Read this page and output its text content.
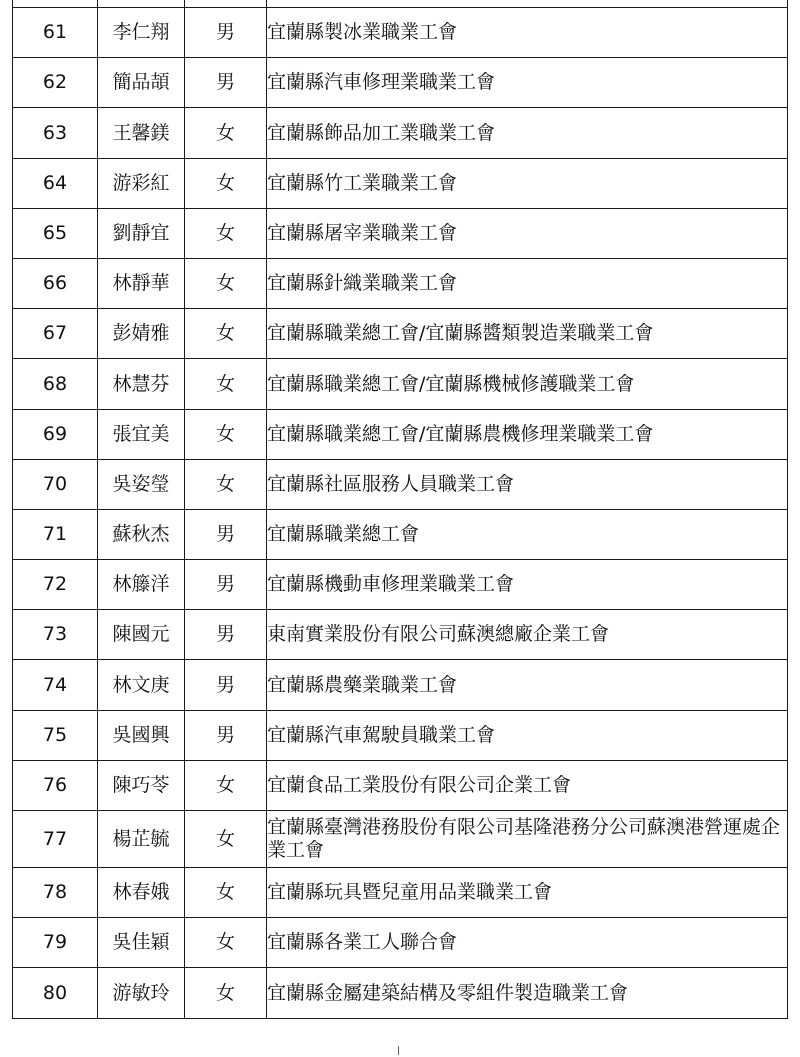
61	李仁翔	男	宜蘭縣製冰業職業工會
62	簡品頡	男	宜蘭縣汽車修理業職業工會
63	王馨鎂	女	宜蘭縣飾品加工業職業工會
64	游彩紅	女	宜蘭縣竹工業職業工會
65	劉靜宜	女	宜蘭縣屠宰業職業工會
66	林靜華	女	宜蘭縣針織業職業工會
67	彭婧雅	女	宜蘭縣職業總工會/宜蘭縣醬類製造業職業工會
68	林慧芬	女	宜蘭縣職業總工會/宜蘭縣機械修護職業工會
69	張宜美	女	宜蘭縣職業總工會/宜蘭縣農機修理業職業工會
70	吳姿瑩	女	宜蘭縣社區服務人員職業工會
71	蘇秋杰	男	宜蘭縣職業總工會
72	林籐洋	男	宜蘭縣機動車修理業職業工會
73	陳國元	男	東南實業股份有限公司蘇澳總廠企業工會
74	林文庚	男	宜蘭縣農藥業職業工會
75	吳國興	男	宜蘭縣汽車駕駛員職業工會
76	陳巧苓	女	宜蘭食品工業股份有限公司企業工會
77	楊芷毓	女	宜蘭縣臺灣港務股份有限公司基隆港務分公司蘇澳港營運處企業工會
78	林春娥	女	宜蘭縣玩具暨兒童用品業職業工會
79	吳佳穎	女	宜蘭縣各業工人聯合會
80	游敏玲	女	宜蘭縣金屬建築結構及零組件製造職業工會
